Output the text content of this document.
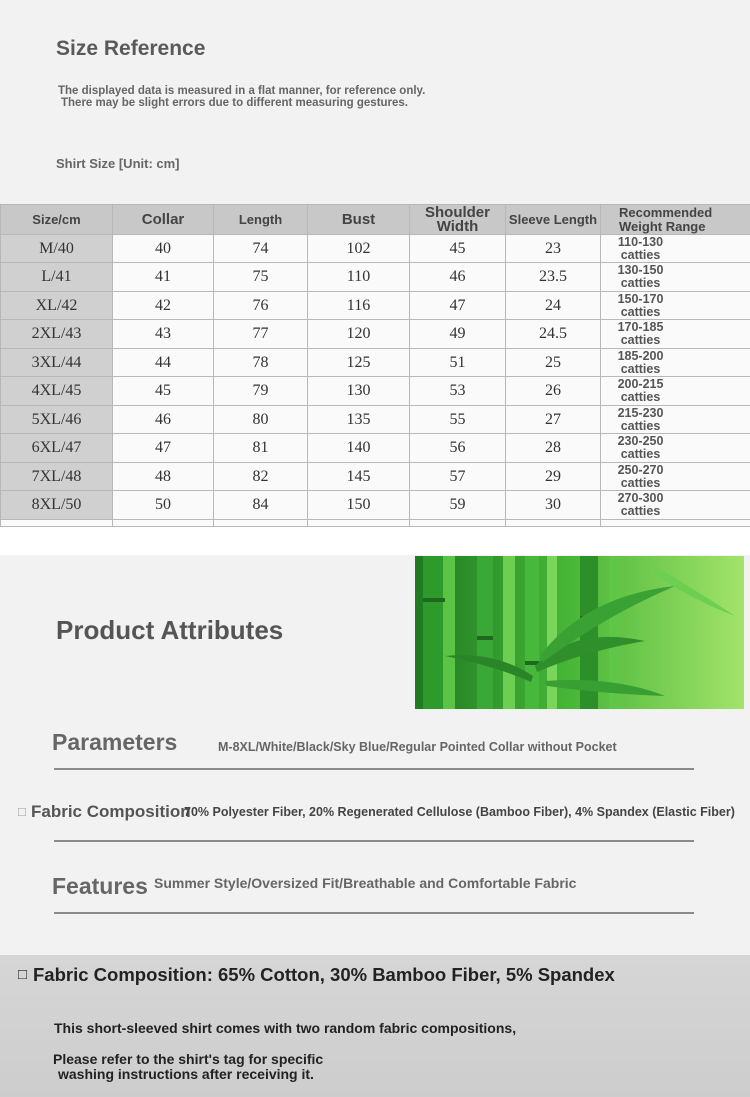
Size Reference
The displayed data is measured in a flat manner, for reference only.
There may be slight errors due to different measuring gestures.
Shirt Size [Unit: cm]
Size/cm	Collar	Length	Bust	Shoulder Width	Sleeve Length	Recommended Weight Range
M/40	40	74	102	45	23	110-130 catties
L/41	41	75	110	46	23.5	130-150 catties
XL/42	42	76	116	47	24	150-170 catties
2XL/43	43	77	120	49	24.5	170-185 catties
3XL/44	44	78	125	51	25	185-200 catties
4XL/45	45	79	130	53	26	200-215 catties
5XL/46	46	80	135	55	27	215-230 catties
6XL/47	47	81	140	56	28	230-250 catties
7XL/48	48	82	145	57	29	250-270 catties
8XL/50	50	84	150	59	30	270-300 catties

Product Attributes
Parameters	M-8XL/White/Black/Sky Blue/Regular Pointed Collar without Pocket
□ Fabric Composition
70% Polyester Fiber, 20% Regenerated Cellulose (Bamboo Fiber), 4% Spandex (Elastic Fiber)
Features Summer Style/Oversized Fit/Breathable and Comfortable Fabric
□ Fabric Composition: 65% Cotton, 30% Bamboo Fiber, 5% Spandex
This short-sleeved shirt comes with two random fabric compositions,
Please refer to the shirt's tag for specific
washing instructions after receiving it.
